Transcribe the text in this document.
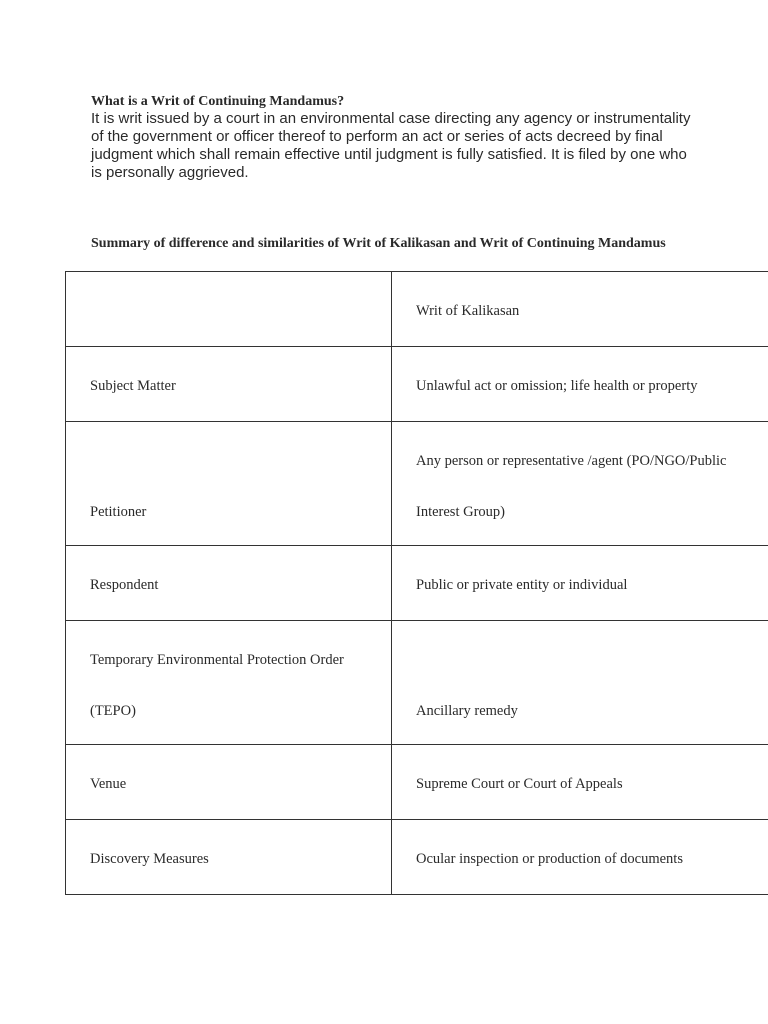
What is a Writ of Continuing Mandamus?

It is writ issued by a court in an environmental case directing any agency or instrumentality of the government or officer thereof to perform an act or series of acts decreed by final judgment which shall remain effective until judgment is fully satisfied. It is filed by one who is personally aggrieved.

Summary of difference and similarities of Writ of Kalikasan and Writ of Continuing Mandamus

	Writ of Kalikasan

Subject Matter	Unlawful act or omission; life health or property

Petitioner	Any person or representative /agent (PO/NGO/Public
Interest Group)

Respondent	Public or private entity or individual

Temporary Environmental Protection Order
(TEPO)	Ancillary remedy

Venue	Supreme Court or Court of Appeals

Discovery Measures	Ocular inspection or production of documents
